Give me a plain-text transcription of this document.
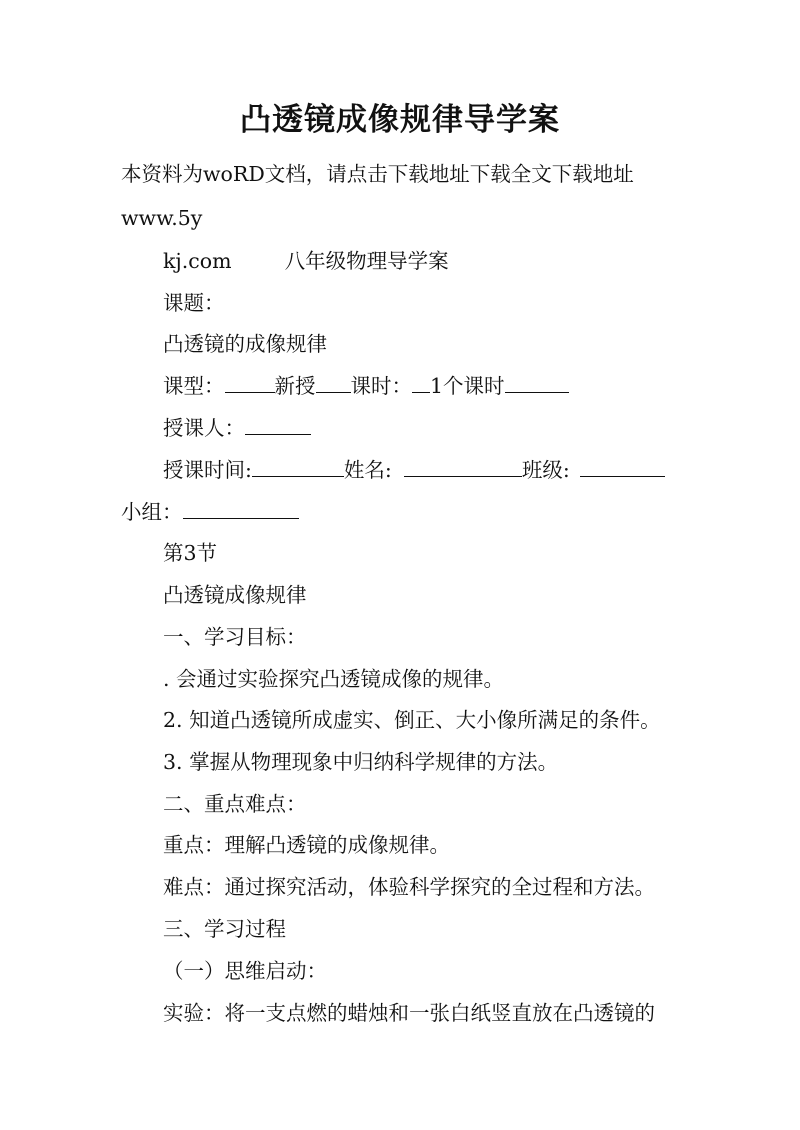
凸透镜成像规律导学案
本资料为woRD文档，请点击下载地址下载全文下载地址
www.5y
kj.com	八年级物理导学案
课题：
凸透镜的成像规律
课型： 新授 课时： 1个课时
授课人：
授课时间:	姓名:	班级:
小组：
第3节
凸透镜成像规律
一、学习目标：
. 会通过实验探究凸透镜成像的规律。
2. 知道凸透镜所成虚实、倒正、大小像所满足的条件。
3. 掌握从物理现象中归纳科学规律的方法。
二、重点难点：
重点：理解凸透镜的成像规律。
难点：通过探究活动，体验科学探究的全过程和方法。
三、学习过程
（一）思维启动：
实验：将一支点燃的蜡烛和一张白纸竖直放在凸透镜的
